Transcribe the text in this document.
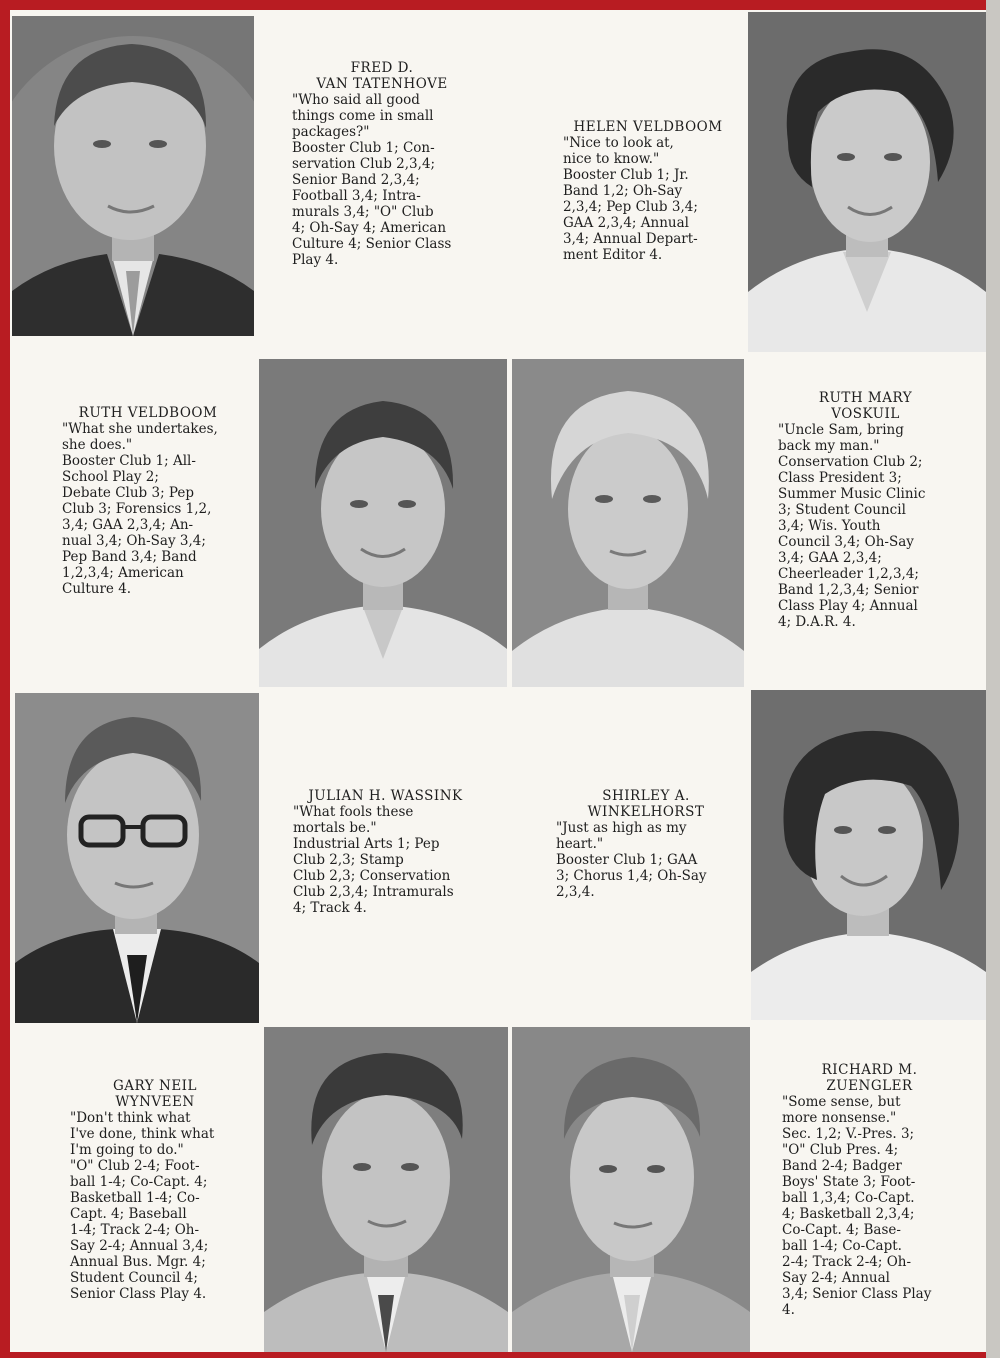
FRED D.
VAN TATENHOVE
"Who said all good
things come in small
packages?"
Booster Club 1; Con-
servation Club 2,3,4;
Senior Band 2,3,4;
Football 3,4; Intra-
murals 3,4; "O" Club
4; Oh-Say 4; American
Culture 4; Senior Class
Play 4.
HELEN VELDBOOM
"Nice to look at,
nice to know."
Booster Club 1; Jr.
Band 1,2; Oh-Say
2,3,4; Pep Club 3,4;
GAA 2,3,4; Annual
3,4; Annual Depart-
ment Editor 4.
RUTH VELDBOOM
"What she undertakes,
she does."
Booster Club 1; All-
School Play 2;
Debate Club 3; Pep
Club 3; Forensics 1,2,
3,4; GAA 2,3,4; An-
nual 3,4; Oh-Say 3,4;
Pep Band 3,4; Band
1,2,3,4; American
Culture 4.
RUTH MARY
VOSKUIL
"Uncle Sam, bring
back my man."
Conservation Club 2;
Class President 3;
Summer Music Clinic
3; Student Council
3,4; Wis. Youth
Council 3,4; Oh-Say
3,4; GAA 2,3,4;
Cheerleader 1,2,3,4;
Band 1,2,3,4; Senior
Class Play 4; Annual
4; D.A.R. 4.
JULIAN H. WASSINK
"What fools these
mortals be."
Industrial Arts 1; Pep
Club 2,3; Stamp
Club 2,3; Conservation
Club 2,3,4; Intramurals
4; Track 4.
SHIRLEY A.
WINKELHORST
"Just as high as my
heart."
Booster Club 1; GAA
3; Chorus 1,4; Oh-Say
2,3,4.
GARY NEIL
WYNVEEN
"Don't think what
I've done, think what
I'm going to do."
"O" Club 2-4; Foot-
ball 1-4; Co-Capt. 4;
Basketball 1-4; Co-
Capt. 4; Baseball
1-4; Track 2-4; Oh-
Say 2-4; Annual 3,4;
Annual Bus. Mgr. 4;
Student Council 4;
Senior Class Play 4.
RICHARD M.
ZUENGLER
"Some sense, but
more nonsense."
Sec. 1,2; V.-Pres. 3;
"O" Club Pres. 4;
Band 2-4; Badger
Boys' State 3; Foot-
ball 1,3,4; Co-Capt.
4; Basketball 2,3,4;
Co-Capt. 4; Base-
ball 1-4; Co-Capt.
2-4; Track 2-4; Oh-
Say 2-4; Annual
3,4; Senior Class Play
4.
